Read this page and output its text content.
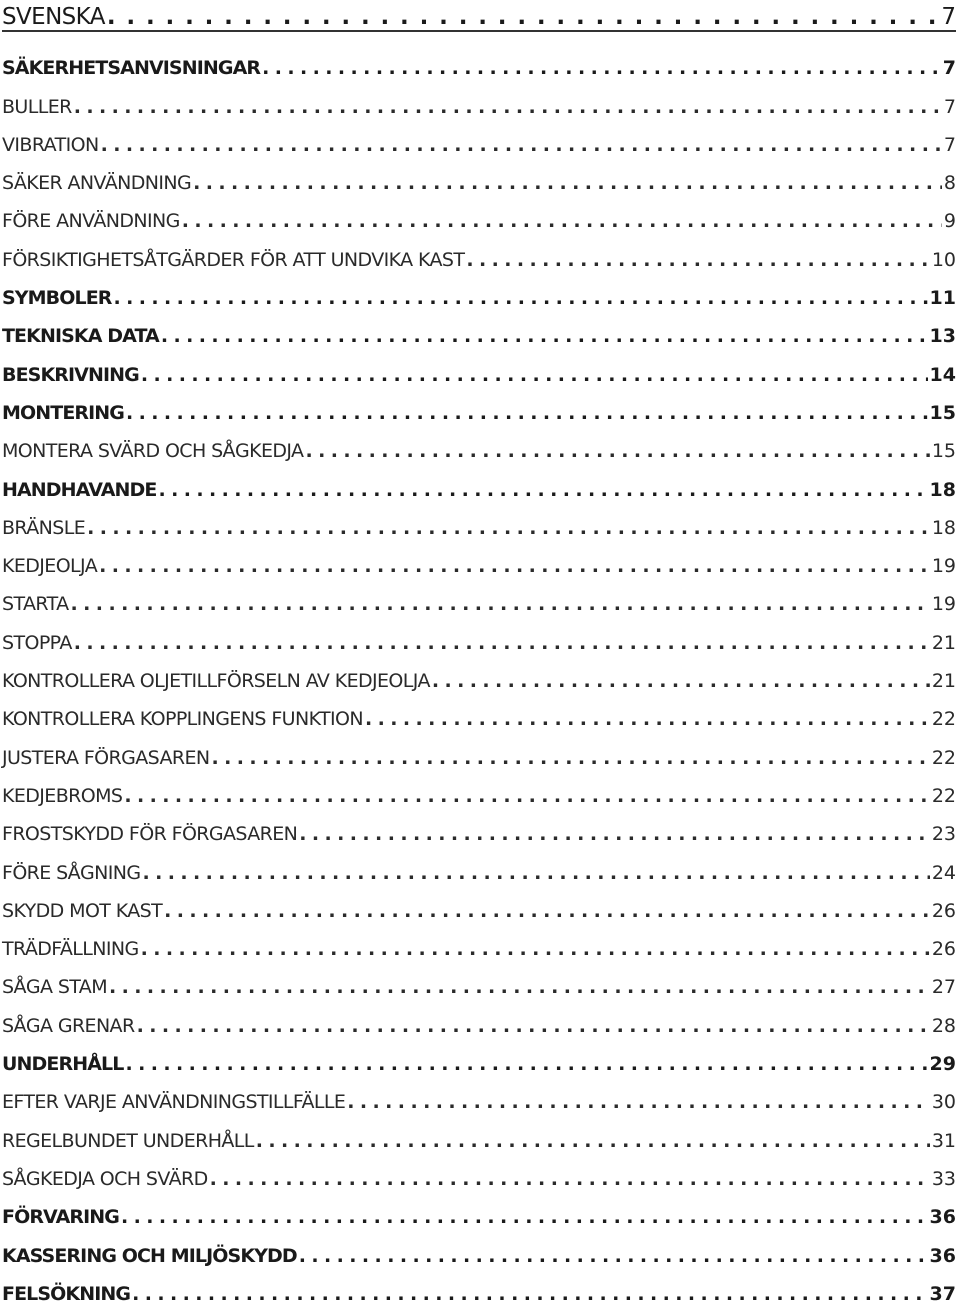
SVENSKA . . .	7
SÄKERHETSANVISNINGAR . . .	7
BULLER . . .	7
VIBRATION . . .	7
SÄKER ANVÄNDNING . . .	8
FÖRE ANVÄNDNING . . .	9
FÖRSIKTIGHETSÅTGÄRDER FÖR ATT UNDVIKA KAST . . .	10
SYMBOLER . . .	11
TEKNISKA DATA . . .	13
BESKRIVNING . . .	14
MONTERING . . .	15
MONTERA SVÄRD OCH SÅGKEDJA . . .	15
HANDHAVANDE . . .	18
BRÄNSLE . . .	18
KEDJEOLJA . . .	19
STARTA . . .	19
STOPPA . . .	21
KONTROLLERA OLJETILLFÖRSELN AV KEDJEOLJA . . .	21
KONTROLLERA KOPPLINGENS FUNKTION . . .	22
JUSTERA FÖRGASAREN . . .	22
KEDJEBROMS . . .	22
FROSTSKYDD FÖR FÖRGASAREN . . .	23
FÖRE SÅGNING . . .	24
SKYDD MOT KAST . . .	26
TRÄDFÄLLNING . . .	26
SÅGA STAM . . .	27
SÅGA GRENAR . . .	28
UNDERHÅLL . . .	29
EFTER VARJE ANVÄNDNINGSTILLFÄLLE . . .	30
REGELBUNDET UNDERHÅLL . . .	31
SÅGKEDJA OCH SVÄRD . . .	33
FÖRVARING . . .	36
KASSERING OCH MILJÖSKYDD . . .	36
FELSÖKNING . . .	37
